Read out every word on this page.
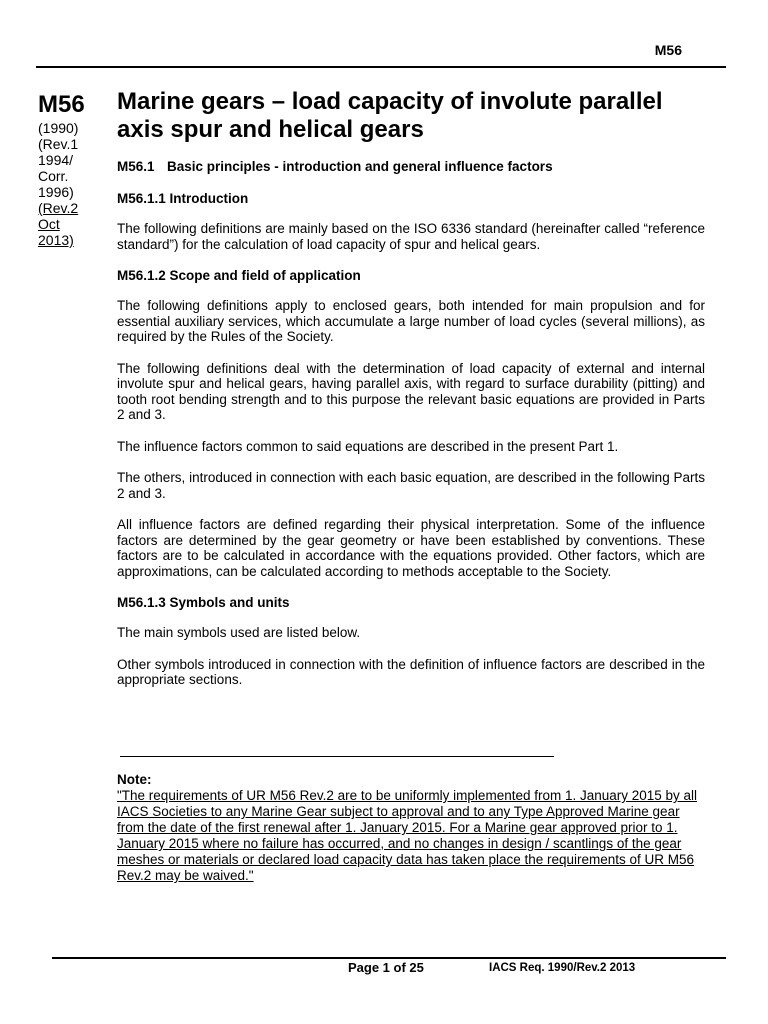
M56
M56
(1990)
(Rev.1
1994/
Corr.
1996)
(Rev.2
Oct
2013)
Marine gears – load capacity of involute parallel axis spur and helical gears
M56.1 Basic principles - introduction and general influence factors
M56.1.1 Introduction

The following definitions are mainly based on the ISO 6336 standard (hereinafter called “reference standard”) for the calculation of load capacity of spur and helical gears.

M56.1.2 Scope and field of application

The following definitions apply to enclosed gears, both intended for main propulsion and for essential auxiliary services, which accumulate a large number of load cycles (several millions), as required by the Rules of the Society.

The following definitions deal with the determination of load capacity of external and internal involute spur and helical gears, having parallel axis, with regard to surface durability (pitting) and tooth root bending strength and to this purpose the relevant basic equations are provided in Parts 2 and 3.

The influence factors common to said equations are described in the present Part 1.

The others, introduced in connection with each basic equation, are described in the following Parts 2 and 3.

All influence factors are defined regarding their physical interpretation. Some of the influence factors are determined by the gear geometry or have been established by conventions. These factors are to be calculated in accordance with the equations provided. Other factors, which are approximations, can be calculated according to methods acceptable to the Society.

M56.1.3 Symbols and units

The main symbols used are listed below.

Other symbols introduced in connection with the definition of influence factors are described in the appropriate sections.

Note:
"The requirements of UR M56 Rev.2 are to be uniformly implemented from 1. January 2015 by all IACS Societies to any Marine Gear subject to approval and to any Type Approved Marine gear from the date of the first renewal after 1. January 2015. For a Marine gear approved prior to 1. January 2015 where no failure has occurred, and no changes in design / scantlings of the gear meshes or materials or declared load capacity data has taken place the requirements of UR M56 Rev.2 may be waived."
Page 1 of 25	IACS Req. 1990/Rev.2 2013
